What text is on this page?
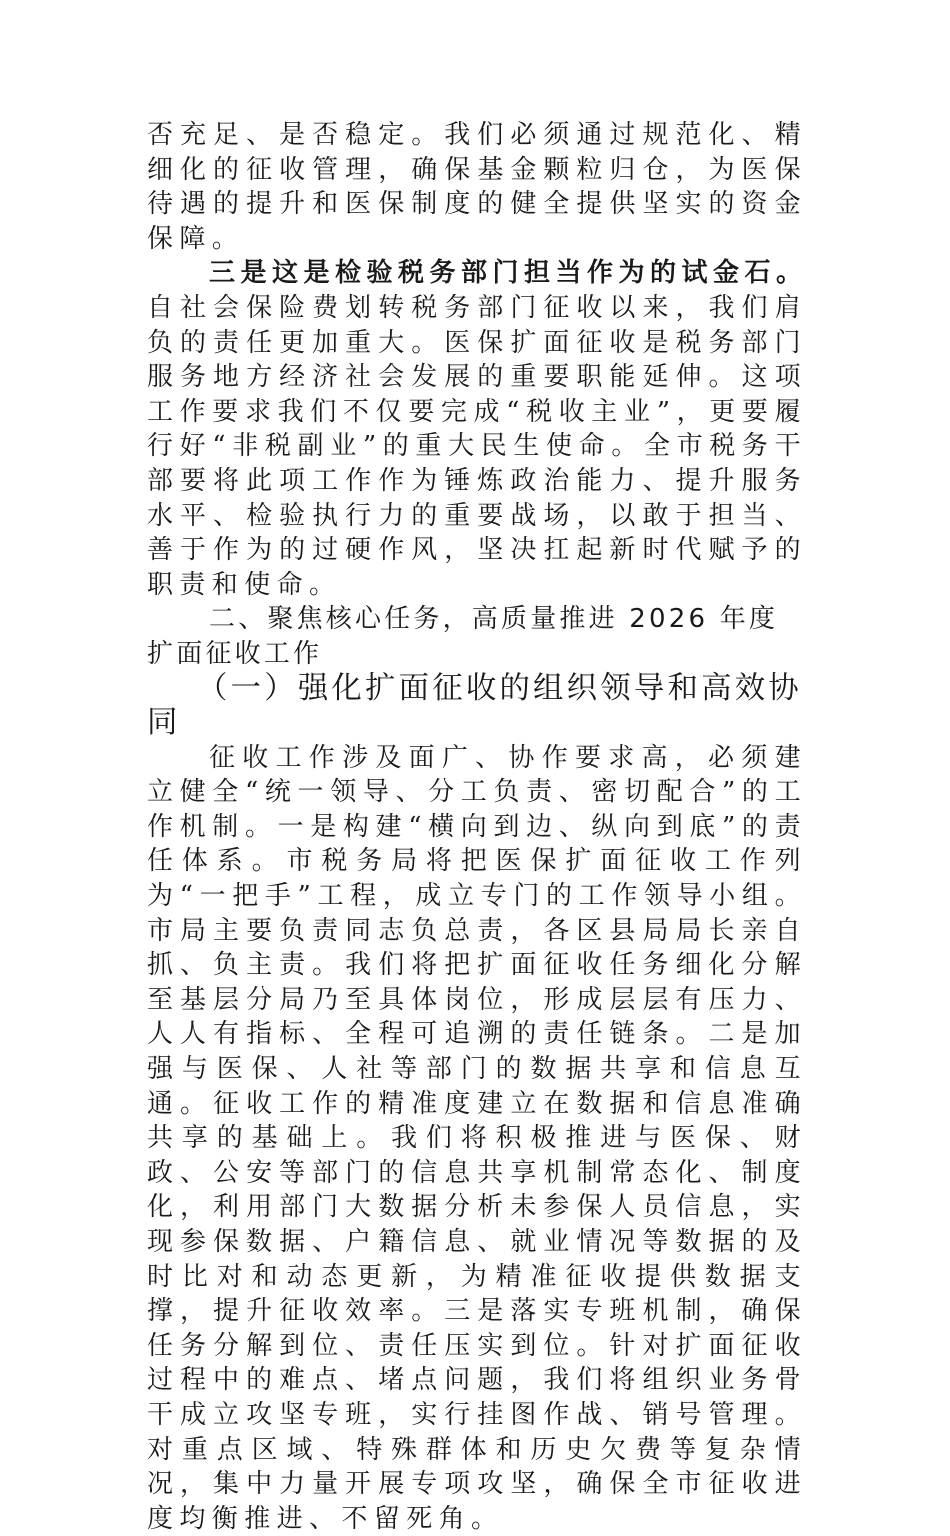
否充足、是否稳定。我们必须通过规范化、精细化的征收管理，确保基金颗粒归仓，为医保待遇的提升和医保制度的健全提供坚实的资金保障。

三是这是检验税务部门担当作为的试金石。自社会保险费划转税务部门征收以来，我们肩负的责任更加重大。医保扩面征收是税务部门服务地方经济社会发展的重要职能延伸。这项工作要求我们不仅要完成“税收主业”，更要履行好“非税副业”的重大民生使命。全市税务干部要将此项工作作为锤炼政治能力、提升服务水平、检验执行力的重要战场，以敢于担当、善于作为的过硬作风，坚决扛起新时代赋予的职责和使命。

二、聚焦核心任务，高质量推进 2026 年度扩面征收工作
（一）强化扩面征收的组织领导和高效协同

征收工作涉及面广、协作要求高，必须建立健全“统一领导、分工负责、密切配合”的工作机制。一是构建“横向到边、纵向到底”的责任体系。市税务局将把医保扩面征收工作列为“一把手”工程，成立专门的工作领导小组。市局主要负责同志负总责，各区县局局长亲自抓、负主责。我们将把扩面征收任务细化分解至基层分局乃至具体岗位，形成层层有压力、人人有指标、全程可追溯的责任链条。二是加强与医保、人社等部门的数据共享和信息互通。征收工作的精准度建立在数据和信息准确共享的基础上。我们将积极推进与医保、财政、公安等部门的信息共享机制常态化、制度化，利用部门大数据分析未参保人员信息，实现参保数据、户籍信息、就业情况等数据的及时比对和动态更新，为精准征收提供数据支撑，提升征收效率。三是落实专班机制，确保任务分解到位、责任压实到位。针对扩面征收过程中的难点、堵点问题，我们将组织业务骨干成立攻坚专班，实行挂图作战、销号管理。对重点区域、特殊群体和历史欠费等复杂情况，集中力量开展专项攻坚，确保全市征收进度均衡推进、不留死角。
